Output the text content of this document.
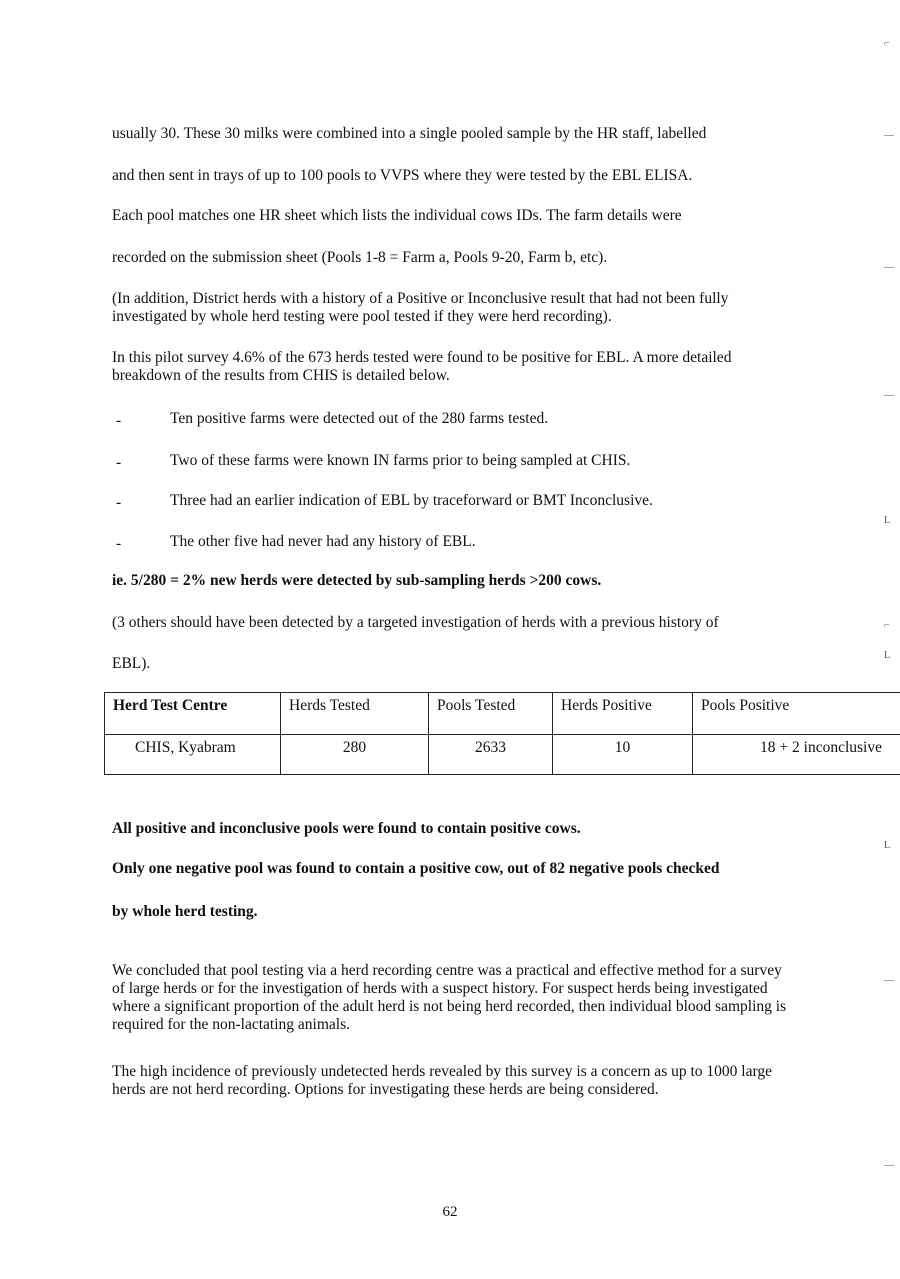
usually 30. These 30 milks were combined into a single pooled sample by the HR staff, labelled

and then sent in trays of up to 100 pools to VVPS where they were tested by the EBL ELISA.

Each pool matches one HR sheet which lists the individual cows IDs. The farm details were

recorded on the submission sheet (Pools 1-8 = Farm a, Pools 9-20, Farm b, etc).

(In addition, District herds with a history of a Positive or Inconclusive result that had not been fully investigated by whole herd testing were pool tested if they were herd recording).

In this pilot survey 4.6% of the 673 herds tested were found to be positive for EBL. A more detailed breakdown of the results from CHIS is detailed below.

-	Ten positive farms were detected out of the 280 farms tested.
-	Two of these farms were known IN farms prior to being sampled at CHIS.
-	Three had an earlier indication of EBL by traceforward or BMT Inconclusive.
-	The other five had never had any history of EBL.

ie. 5/280 = 2% new herds were detected by sub-sampling herds >200 cows.

(3 others should have been detected by a targeted investigation of herds with a previous history of

EBL).

Herd Test Centre	Herds Tested	Pools Tested	Herds Positive	Pools Positive
CHIS, Kyabram	280	2633	10	18 + 2 inconclusive

All positive and inconclusive pools were found to contain positive cows.

Only one negative pool was found to contain a positive cow, out of 82 negative pools checked

by whole herd testing.

We concluded that pool testing via a herd recording centre was a practical and effective method for a survey of large herds or for the investigation of herds with a suspect history. For suspect herds being investigated where a significant proportion of the adult herd is not being herd recorded, then individual blood sampling is required for the non-lactating animals.

The high incidence of previously undetected herds revealed by this survey is a concern as up to 1000 large herds are not herd recording. Options for investigating these herds are being considered.

62
⌐
—
—
—
L
⌐
L
L
—
—
